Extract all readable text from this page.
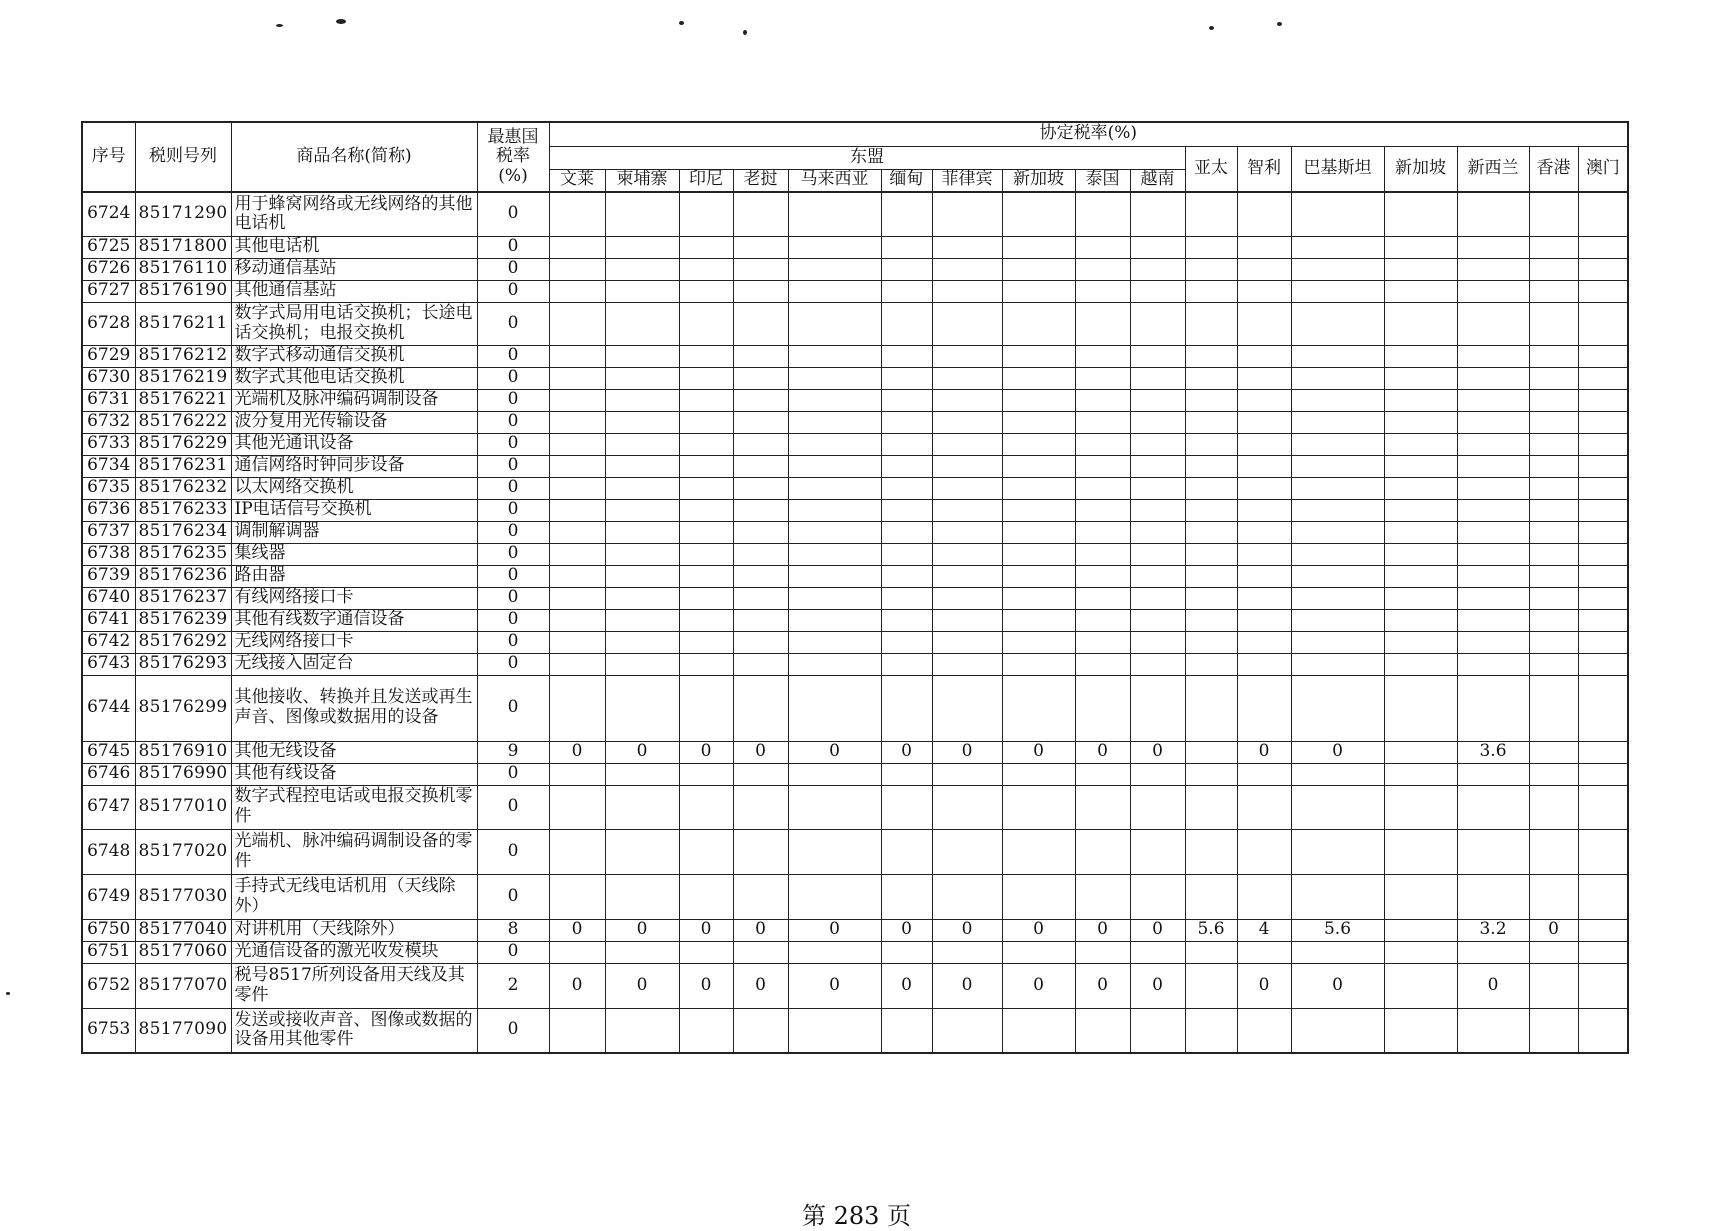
序号	税则号列	商品名称(简称)	最惠国
税率
(%)	协定税率(%)																
				东盟										亚太	智利	巴基斯坦	新加坡	新西兰	香港	澳门
				文莱	柬埔寨	印尼	老挝	马来西亚	缅甸	菲律宾	新加坡	泰国	越南							
6724	85171290	用于蜂窝网络或无线网络的其他电话机	0																	
6725	85171800	其他电话机	0																	
6726	85176110	移动通信基站	0																	
6727	85176190	其他通信基站	0																	
6728	85176211	数字式局用电话交换机；长途电话交换机；电报交换机	0																	
6729	85176212	数字式移动通信交换机	0																	
6730	85176219	数字式其他电话交换机	0																	
6731	85176221	光端机及脉冲编码调制设备	0																	
6732	85176222	波分复用光传输设备	0																	
6733	85176229	其他光通讯设备	0																	
6734	85176231	通信网络时钟同步设备	0																	
6735	85176232	以太网络交换机	0																	
6736	85176233	IP电话信号交换机	0																	
6737	85176234	调制解调器	0																	
6738	85176235	集线器	0																	
6739	85176236	路由器	0																	
6740	85176237	有线网络接口卡	0																	
6741	85176239	其他有线数字通信设备	0																	
6742	85176292	无线网络接口卡	0																	
6743	85176293	无线接入固定台	0																	
6744	85176299	其他接收、转换并且发送或再生声音、图像或数据用的设备	0																	
6745	85176910	其他无线设备	9	0	0	0	0	0	0	0	0	0	0		0	0		3.6		
6746	85176990	其他有线设备	0																	
6747	85177010	数字式程控电话或电报交换机零件	0																	
6748	85177020	光端机、脉冲编码调制设备的零件	0																	
6749	85177030	手持式无线电话机用（天线除外）	0																	
6750	85177040	对讲机用（天线除外）	8	0	0	0	0	0	0	0	0	0	0	5.6	4	5.6		3.2	0	
6751	85177060	光通信设备的激光收发模块	0																	
6752	85177070	税号8517所列设备用天线及其零件	2	0	0	0	0	0	0	0	0	0	0		0	0		0		
6753	85177090	发送或接收声音、图像或数据的设备用其他零件	0																	
第 283 页
